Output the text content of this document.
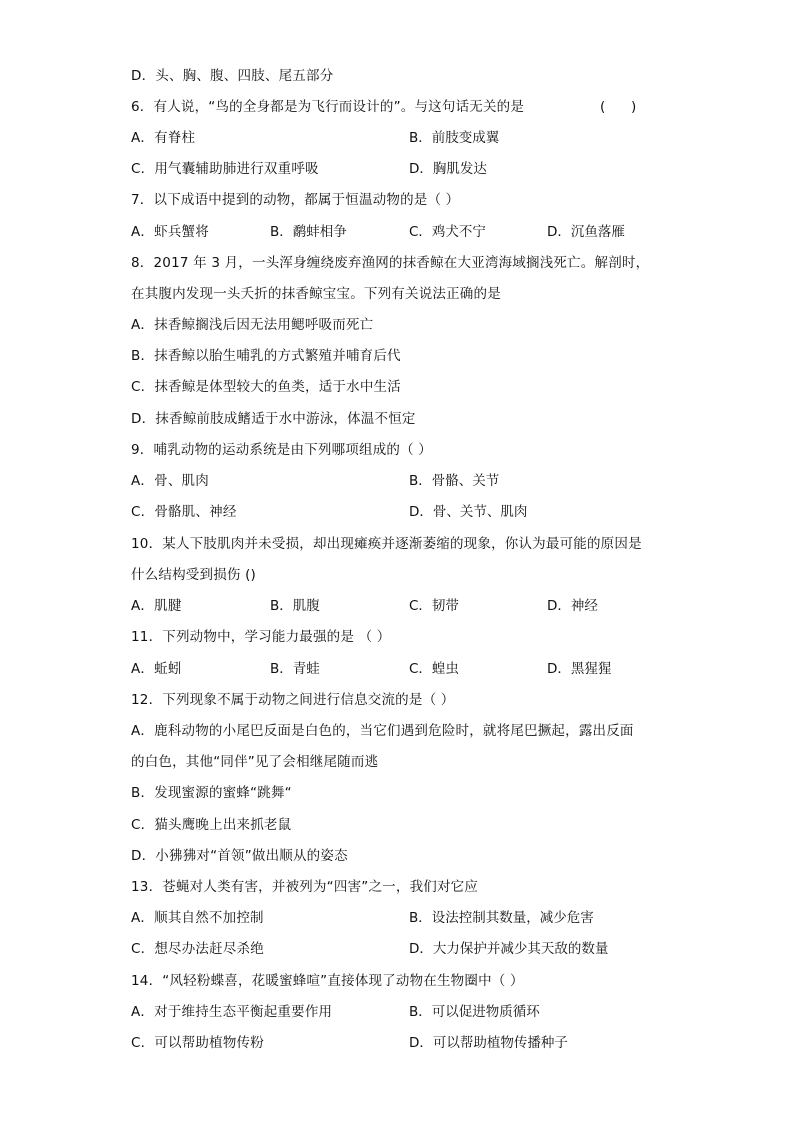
D．头、胸、腹、四肢、尾五部分
6．有人说，“鸟的全身都是为飞行而设计的”。与这句话无关的是	(      )
A．有脊柱	B．前肢变成翼
C．用气囊辅助肺进行双重呼吸	D．胸肌发达
7．以下成语中提到的动物，都属于恒温动物的是（ ）
A．虾兵蟹将	B．鹬蚌相争	C．鸡犬不宁	D．沉鱼落雁
8．2017 年 3 月，一头浑身缠绕废弃渔网的抹香鲸在大亚湾海域搁浅死亡。解剖时，
在其腹内发现一头夭折的抹香鲸宝宝。下列有关说法正确的是
A．抹香鲸搁浅后因无法用鳃呼吸而死亡
B．抹香鲸以胎生哺乳的方式繁殖并哺育后代
C．抹香鲸是体型较大的鱼类，适于水中生活
D．抹香鲸前肢成鳍适于水中游泳，体温不恒定
9．哺乳动物的运动系统是由下列哪项组成的（ ）
A．骨、肌肉	B．骨骼、关节
C．骨骼肌、神经	D．骨、关节、肌肉
10．某人下肢肌肉并未受损，却出现瘫痪并逐渐萎缩的现象，你认为最可能的原因是
什么结构受到损伤 ()
A．肌腱	B．肌腹	C．韧带	D．神经
11．下列动物中，学习能力最强的是 （ ）
A．蚯蚓	B．青蛙	C．蝗虫	D．黑猩猩
12．下列现象不属于动物之间进行信息交流的是（ ）
A．鹿科动物的小尾巴反面是白色的，当它们遇到危险时，就将尾巴撅起，露出反面
的白色，其他“同伴”见了会相继尾随而逃
B．发现蜜源的蜜蜂“跳舞“
C．猫头鹰晚上出来抓老鼠
D．小狒狒对“首领”做出顺从的姿态
13．苍蝇对人类有害，并被列为“四害”之一，我们对它应
A．顺其自然不加控制	B．设法控制其数量，减少危害
C．想尽办法赶尽杀绝	D．大力保护并减少其天敌的数量
14．“风轻粉蝶喜，花暖蜜蜂喧”直接体现了动物在生物圈中（ ）
A．对于维持生态平衡起重要作用	B．可以促进物质循环
C．可以帮助植物传粉	D．可以帮助植物传播种子
